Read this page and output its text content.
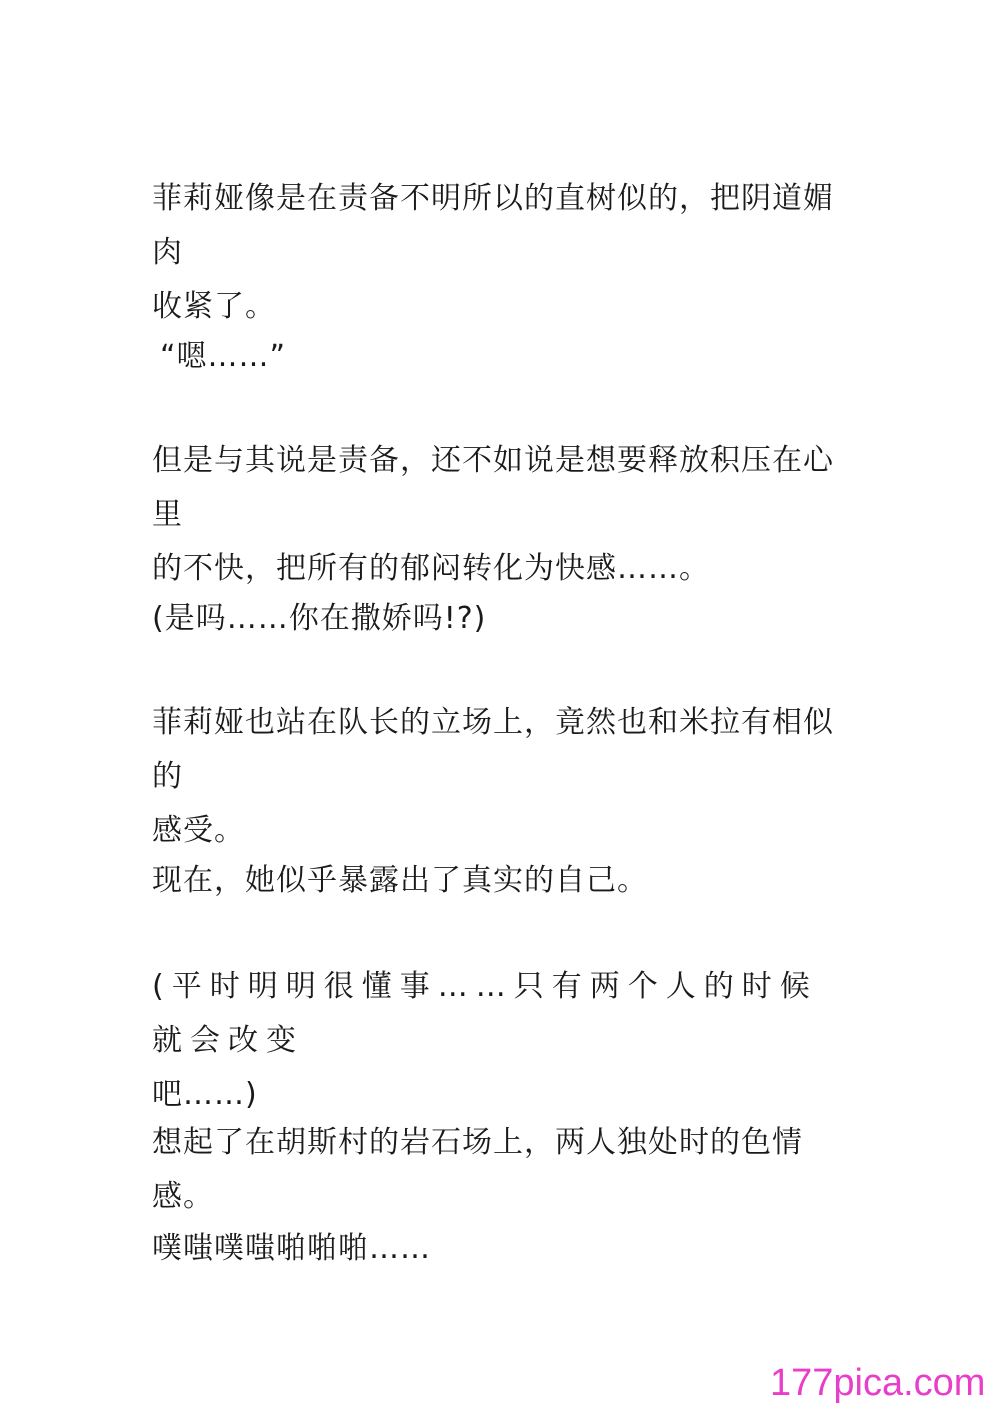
菲莉娅像是在责备不明所以的直树似的，把阴道媚肉
收紧了。

“嗯……”

但是与其说是责备，还不如说是想要释放积压在心里
的不快，把所有的郁闷转化为快感……。

(是吗……你在撒娇吗!?)

菲莉娅也站在队长的立场上，竟然也和米拉有相似的
感受。

现在，她似乎暴露出了真实的自己。

(平时明明很懂事……只有两个人的时候就会改变
吧……)

想起了在胡斯村的岩石场上，两人独处时的色情感。

噗嗤噗嗤啪啪啪……

177pica.com
